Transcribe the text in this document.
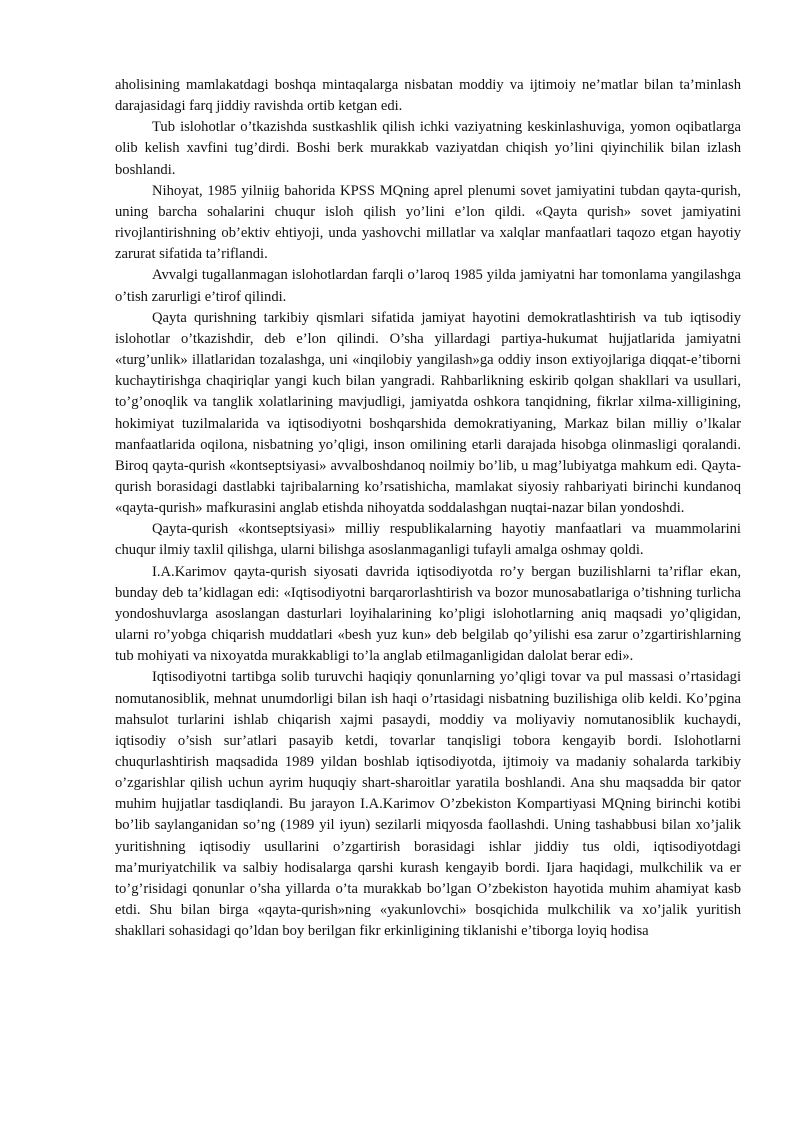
aholisining mamlakatdagi boshqa mintaqalarga nisbatan moddiy va ijtimoiy ne’matlar bilan ta’minlash darajasidagi farq jiddiy ravishda ortib ketgan edi.

Tub islohotlar o’tkazishda sustkashlik qilish ichki vaziyatning keskinlashuviga, yomon oqibatlarga olib kelish xavfini tug’dirdi. Boshi berk murakkab vaziyatdan chiqish yo’lini qiyinchilik bilan izlash boshlandi.

Nihoyat, 1985 yilniig bahorida KPSS MQning aprel plenumi sovet jamiyatini tubdan qayta-qurish, uning barcha sohalarini chuqur isloh qilish yo’lini e’lon qildi. «Qayta qurish» sovet jamiyatini rivojlantirishning ob’ektiv ehtiyoji, unda yashovchi millatlar va xalqlar manfaatlari taqozo etgan hayotiy zarurat sifatida ta’riflandi.

Avvalgi tugallanmagan islohotlardan farqli o’laroq 1985 yilda jamiyatni har tomonlama yangilashga o’tish zarurligi e’tirof qilindi.

Qayta qurishning tarkibiy qismlari sifatida jamiyat hayotini demokratlashtirish va tub iqtisodiy islohotlar o’tkazishdir, deb e’lon qilindi. O’sha yillardagi partiya-hukumat hujjatlarida jamiyatni «turg’unlik» illatlaridan tozalashga, uni «inqilobiy yangilash»ga oddiy inson extiyojlariga diqqat-e’tiborni kuchaytirishga chaqiriqlar yangi kuch bilan yangradi. Rahbarlikning eskirib qolgan shakllari va usullari, to’g’onoqlik va tanglik xolatlarining mavjudligi, jamiyatda oshkora tanqidning, fikrlar xilma-xilligining, hokimiyat tuzilmalarida va iqtisodiyotni boshqarshida demokratiyaning, Markaz bilan milliy o’lkalar manfaatlarida oqilona, nisbatning yo’qligi, inson omilining etarli darajada hisobga olinmasligi qoralandi. Biroq qayta-qurish «kontseptsiyasi» avvalboshdanoq noilmiy bo’lib, u mag’lubiyatga mahkum edi. Qayta-qurish borasidagi dastlabki tajribalarning ko’rsatishicha, mamlakat siyosiy rahbariyati birinchi kundanoq «qayta-qurish» mafkurasini anglab etishda nihoyatda soddalashgan nuqtai-nazar bilan yondoshdi.

Qayta-qurish «kontseptsiyasi» milliy respublikalarning hayotiy manfaatlari va muammolarini chuqur ilmiy taxlil qilishga, ularni bilishga asoslanmaganligi tufayli amalga oshmay qoldi.

I.A.Karimov qayta-qurish siyosati davrida iqtisodiyotda ro’y bergan buzilishlarni ta’riflar ekan, bunday deb ta’kidlagan edi: «Iqtisodiyotni barqarorlashtirish va bozor munosabatlariga o’tishning turlicha yondoshuvlarga asoslangan dasturlari loyihalarining ko’pligi islohotlarning aniq maqsadi yo’qligidan, ularni ro’yobga chiqarish muddatlari «besh yuz kun» deb belgilab qo’yilishi esa zarur o’zgartirishlarning tub mohiyati va nixoyatda murakkabligi to’la anglab etilmaganligidan dalolat berar edi».

Iqtisodiyotni tartibga solib turuvchi haqiqiy qonunlarning yo’qligi tovar va pul massasi o’rtasidagi nomutanosiblik, mehnat unumdorligi bilan ish haqi o’rtasidagi nisbatning buzilishiga olib keldi. Ko’pgina mahsulot turlarini ishlab chiqarish xajmi pasaydi, moddiy va moliyaviy nomutanosiblik kuchaydi, iqtisodiy o’sish sur’atlari pasayib ketdi, tovarlar tanqisligi tobora kengayib bordi. Islohotlarni chuqurlashtirish maqsadida 1989 yildan boshlab iqtisodiyotda, ijtimoiy va madaniy sohalarda tarkibiy o’zgarishlar qilish uchun ayrim huquqiy shart-sharoitlar yaratila boshlandi. Ana shu maqsadda bir qator muhim hujjatlar tasdiqlandi. Bu jarayon I.A.Karimov O’zbekiston Kompartiyasi MQning birinchi kotibi bo’lib saylanganidan so’ng (1989 yil iyun) sezilarli miqyosda faollashdi. Uning tashabbusi bilan xo’jalik yuritishning iqtisodiy usullarini o’zgartirish borasidagi ishlar jiddiy tus oldi, iqtisodiyotdagi ma’muriyatchilik va salbiy hodisalarga qarshi kurash kengayib bordi. Ijara haqidagi, mulkchilik va er to’g’risidagi qonunlar o’sha yillarda o’ta murakkab bo’lgan O’zbekiston hayotida muhim ahamiyat kasb etdi. Shu bilan birga «qayta-qurish»ning «yakunlovchi» bosqichida mulkchilik va xo’jalik yuritish shakllari sohasidagi qo’ldan boy berilgan fikr erkinligining tiklanishi e’tiborga loyiq hodisa
